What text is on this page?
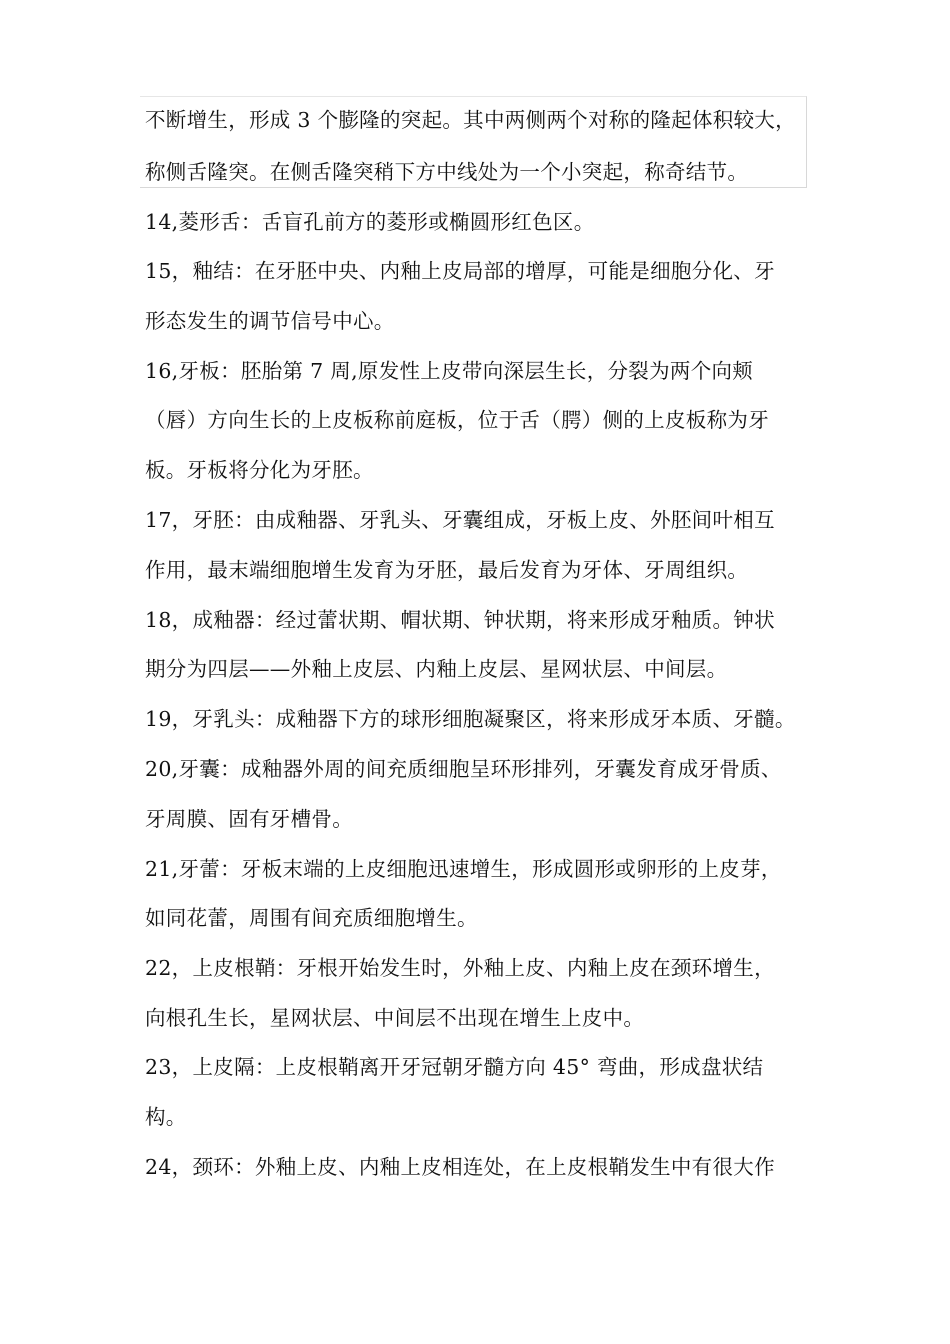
不断增生，形成 3 个膨隆的突起。其中两侧两个对称的隆起体积较大，
称侧舌隆突。在侧舌隆突稍下方中线处为一个小突起，称奇结节。
14,菱形舌：舌盲孔前方的菱形或椭圆形红色区。
15，釉结：在牙胚中央、内釉上皮局部的增厚，可能是细胞分化、牙
形态发生的调节信号中心。
16,牙板：胚胎第 7 周,原发性上皮带向深层生长，分裂为两个向颊
（唇）方向生长的上皮板称前庭板，位于舌（腭）侧的上皮板称为牙
板。牙板将分化为牙胚。
17，牙胚：由成釉器、牙乳头、牙囊组成，牙板上皮、外胚间叶相互
作用，最末端细胞增生发育为牙胚，最后发育为牙体、牙周组织。
18，成釉器：经过蕾状期、帽状期、钟状期，将来形成牙釉质。钟状
期分为四层——外釉上皮层、内釉上皮层、星网状层、中间层。
19，牙乳头：成釉器下方的球形细胞凝聚区，将来形成牙本质、牙髓。
20,牙囊：成釉器外周的间充质细胞呈环形排列，牙囊发育成牙骨质、
牙周膜、固有牙槽骨。
21,牙蕾：牙板末端的上皮细胞迅速增生，形成圆形或卵形的上皮芽，
如同花蕾，周围有间充质细胞增生。
22，上皮根鞘：牙根开始发生时，外釉上皮、内釉上皮在颈环增生，
向根孔生长，星网状层、中间层不出现在增生上皮中。
23，上皮隔：上皮根鞘离开牙冠朝牙髓方向 45° 弯曲，形成盘状结
构。
24，颈环：外釉上皮、内釉上皮相连处，在上皮根鞘发生中有很大作
